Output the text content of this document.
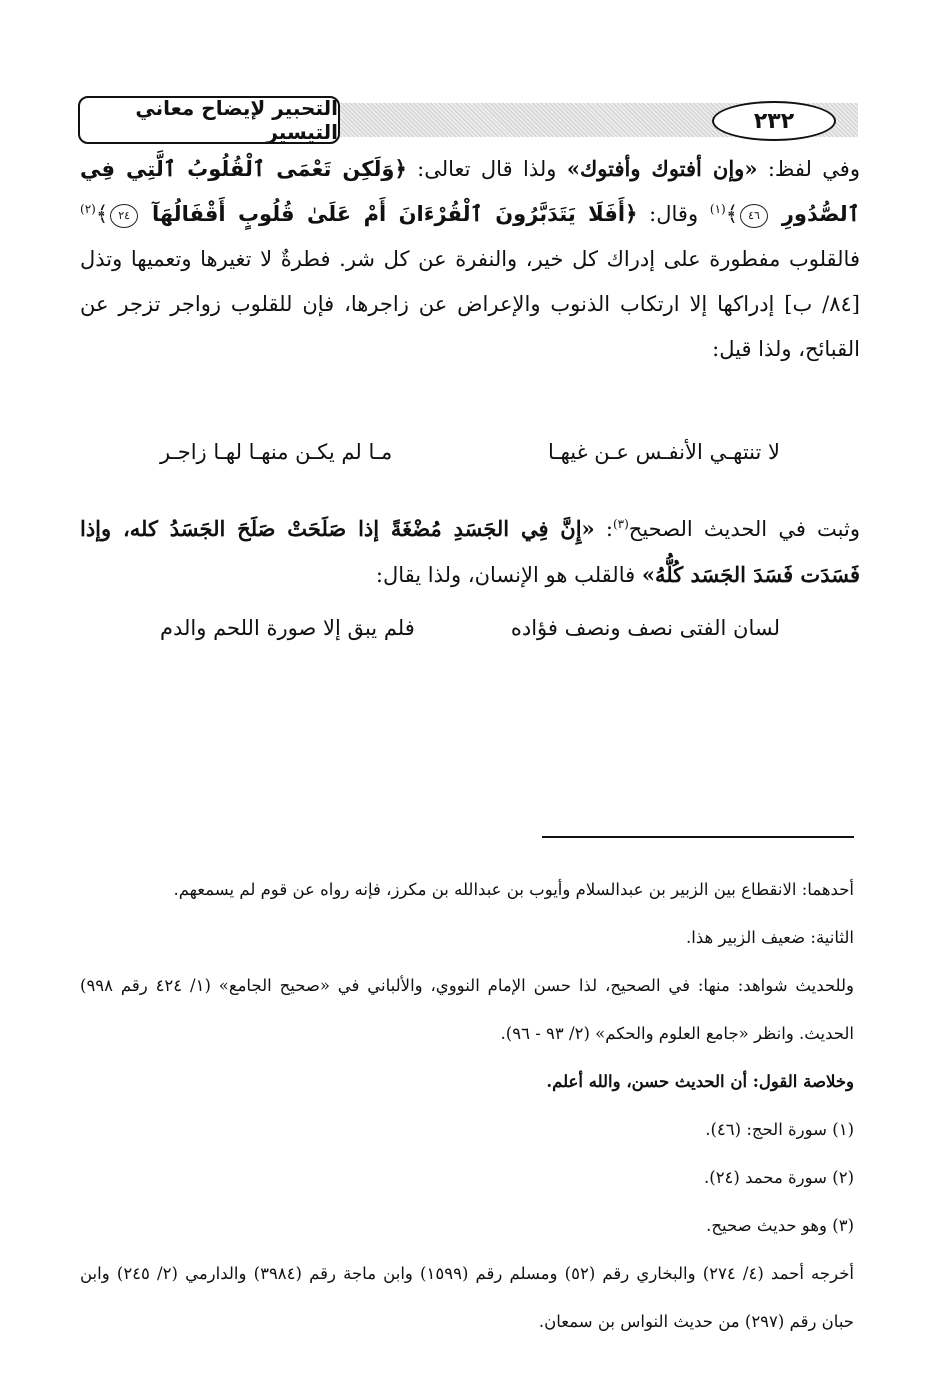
التحبير لإيضاح معاني التيسير	٢٣٢

وفي لفظ: «وإن أفتوك وأفتوك» ولذا قال تعالى: ﴿وَلَكِن تَعْمَى ٱلْقُلُوبُ ٱلَّتِي فِي ٱلصُّدُورِ ٤٦﴾$^{(١)}$ وقال: ﴿أَفَلَا يَتَدَبَّرُونَ ٱلْقُرْءَانَ أَمْ عَلَىٰ قُلُوبٍ أَقْفَالُهَآ ٢٤﴾$^{(٢)}$ فالقلوب مفطورة على إدراك كل خير، والنفرة عن كل شر. فطرةٌ لا تغيرها وتعميها وتذل [٨٤/ ب] إدراكها إلا ارتكاب الذنوب والإعراض عن زاجرها، فإن للقلوب زواجر تزجر عن القبائح، ولذا قيل:

لا تنتهـي الأنفـس عـن غيهـا
مـا لم يكـن منهـا لهـا زاجـر

وثبت في الحديث الصحيح$^{(٣)}$: «إِنَّ فِي الجَسَدِ مُضْغَةً إذا صَلَحَتْ صَلَحَ الجَسَدُ كله، وإذا فَسَدَت فَسَدَ الجَسَد كُلُّهُ» فالقلب هو الإنسان، ولذا يقال:

لسان الفتى نصف ونصف فؤاده
فلم يبق إلا صورة اللحم والدم

أحدهما: الانقطاع بين الزبير بن عبدالسلام وأيوب بن عبدالله بن مكرز، فإنه رواه عن قوم لم يسمعهم.

الثانية: ضعيف الزبير هذا.

وللحديث شواهد: منها: في الصحيح، لذا حسن الإمام النووي، والألباني في «صحيح الجامع» (١/ ٤٢٤ رقم ٩٩٨) الحديث. وانظر «جامع العلوم والحكم» (٢/ ٩٣ - ٩٦).

وخلاصة القول: أن الحديث حسن، والله أعلم.

(١) سورة الحج: (٤٦).

(٢) سورة محمد (٢٤).

(٣) وهو حديث صحيح.

أخرجه أحمد (٤/ ٢٧٤) والبخاري رقم (٥٢) ومسلم رقم (١٥٩٩) وابن ماجة رقم (٣٩٨٤) والدارمي (٢/ ٢٤٥) وابن حبان رقم (٢٩٧) من حديث النواس بن سمعان.
